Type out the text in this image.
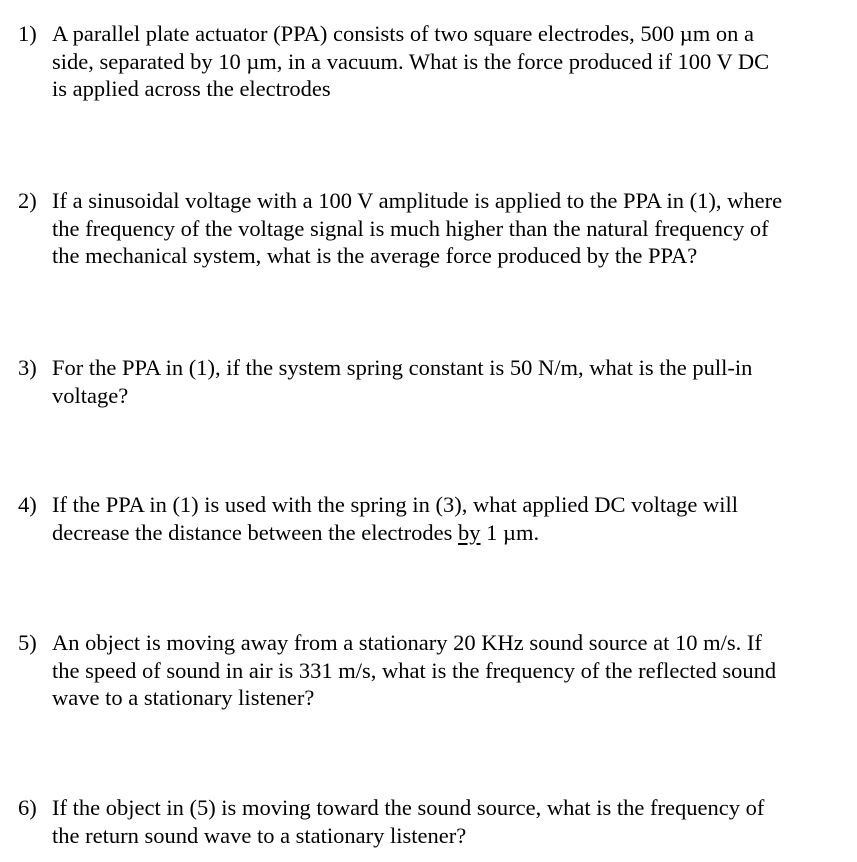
1) A parallel plate actuator (PPA) consists of two square electrodes, 500 µm on a
side, separated by 10 µm, in a vacuum. What is the force produced if 100 V DC
is applied across the electrodes
2) If a sinusoidal voltage with a 100 V amplitude is applied to the PPA in (1), where
the frequency of the voltage signal is much higher than the natural frequency of
the mechanical system, what is the average force produced by the PPA?
3) For the PPA in (1), if the system spring constant is 50 N/m, what is the pull-in
voltage?
4) If the PPA in (1) is used with the spring in (3), what applied DC voltage will
decrease the distance between the electrodes by 1 µm.
5) An object is moving away from a stationary 20 KHz sound source at 10 m/s. If
the speed of sound in air is 331 m/s, what is the frequency of the reflected sound
wave to a stationary listener?
6) If the object in (5) is moving toward the sound source, what is the frequency of
the return sound wave to a stationary listener?
